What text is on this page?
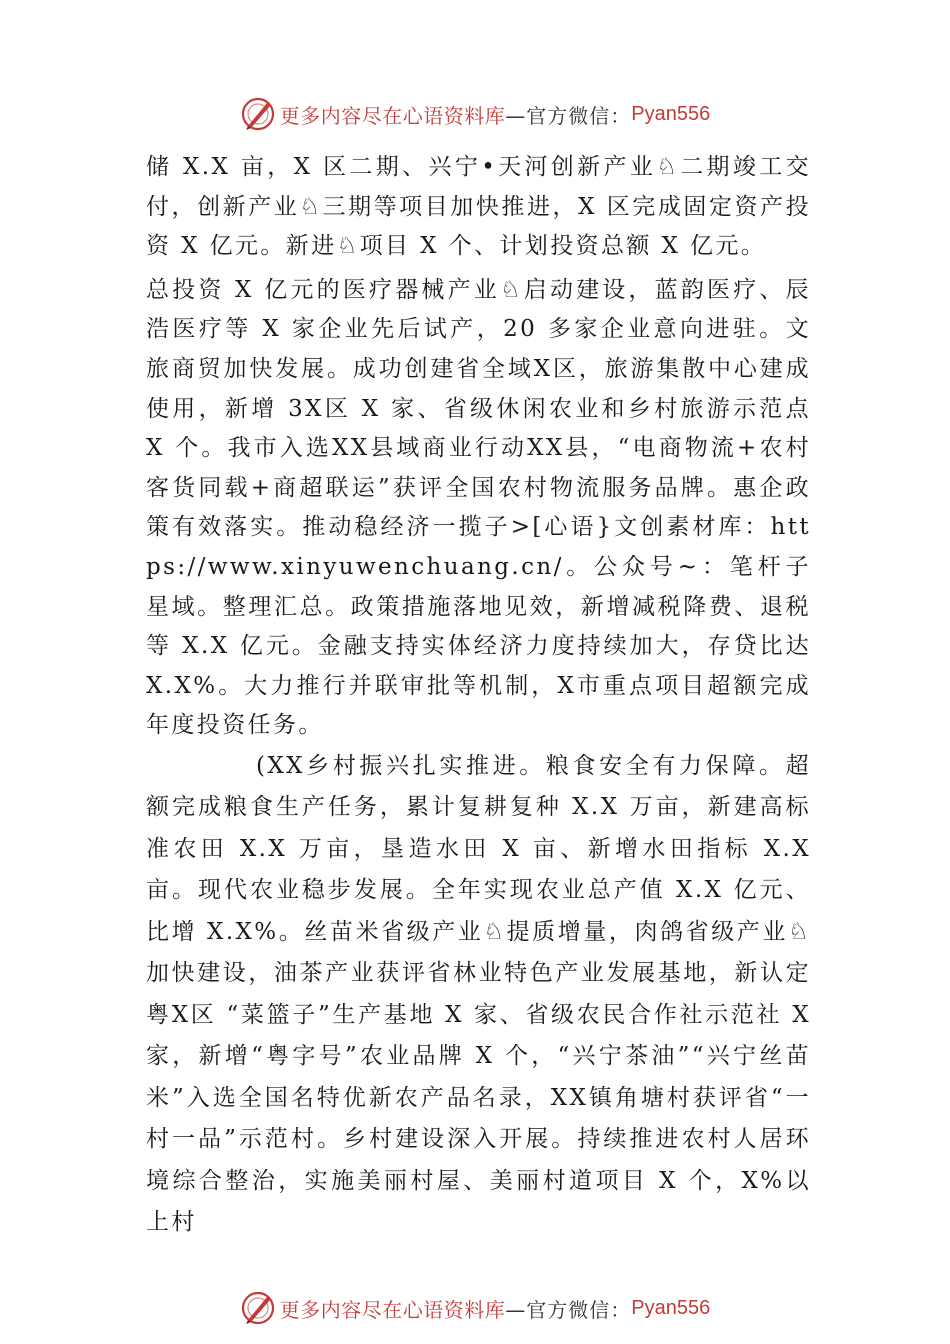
更多内容尽在心语资料库 —官方微信： Pyan556

储 X.X 亩，X 区二期、兴宁•天河创新产业♘二期竣工交付，创新产业♘三期等项目加快推进，X 区完成固定资产投资 X 亿元。新进♘项目 X 个、计划投资总额 X 亿元。

总投资 X 亿元的医疗器械产业♘启动建设，蓝韵医疗、辰浩医疗等 X 家企业先后试产，20 多家企业意向进驻。文旅商贸加快发展。成功创建省全域X区，旅游集散中心建成使用，新增 3X区 X 家、省级休闲农业和乡村旅游示范点 X 个。我市入选XX县域商业行动XX县，“电商物流+农村客货同载+商超联运”获评全国农村物流服务品牌。惠企政策有效落实。推动稳经济一揽子>[心语}文创素材库：https://www.xinyuwenchuang.cn/。公众号~：笔杆子星域。整理汇总。政策措施落地见效，新增减税降费、退税等 X.X 亿元。金融支持实体经济力度持续加大，存贷比达 X.X%。大力推行并联审批等机制，X市重点项目超额完成年度投资任务。

(XX乡村振兴扎实推进。粮食安全有力保障。超额完成粮食生产任务，累计复耕复种 X.X 万亩，新建高标准农田 X.X 万亩，垦造水田 X 亩、新增水田指标 X.X 亩。现代农业稳步发展。全年实现农业总产值 X.X 亿元、比增 X.X%。丝苗米省级产业♘提质增量，肉鸽省级产业♘加快建设，油茶产业获评省林业特色产业发展基地，新认定粤X区 “菜篮子”生产基地 X 家、省级农民合作社示范社 X 家，新增“粤字号”农业品牌 X 个，“兴宁茶油”“兴宁丝苗米”入选全国名特优新农产品名录，XX镇角塘村获评省“一村一品”示范村。乡村建设深入开展。持续推进农村人居环境综合整治，实施美丽村屋、美丽村道项目 X 个，X%以上村

更多内容尽在心语资料库 —官方微信： Pyan556
